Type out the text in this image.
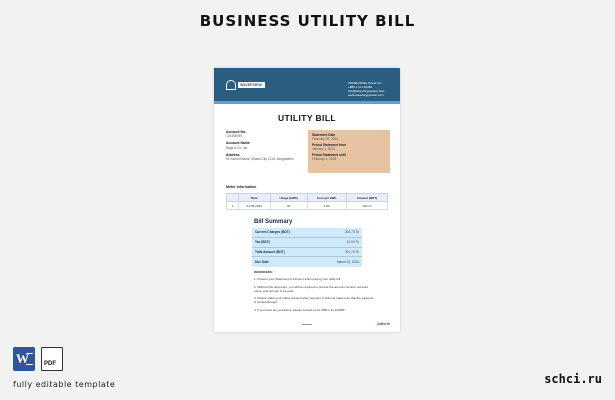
BUSINESS UTILITY BILL
WAVEFORGE	WAVEFORGE Power Inc.
+880 1 11 123456
info@waveforgepower.com
www.waveforgepower.com
UTILITY BILL
Account No.
123456789
Account Name
Bags & Co. Inc.
Address
91 Kamrul Bazar, Dhaka City 1215, Bangladesh
Statement Date
February 02, 2024
Period Statement from
January 1, 2024
Period Statement until
February 1, 2024
Meter Information
	Date	Usage (kWh)	Cost per kWh	Amount (BDT)
1	31-05-2024	32	4.89	200.73
Bill Summary
Current Charges (BDT)	200.73 Tk
Tax (BDT)	11.00 Tk
Total Amount (BDT)	211.73 Tk
Due Date	March 02, 2024
REMINDERS:
1. Present your Statement of Account when paying your utility bill.
2. Without this document, you will be required to provide the account number, account name, and amount to be paid.
3. Please share your online account after payment in order to make sure that the payment is posted through.
4. If you have any questions, please contact us at +880 1 11 123456.
Jotform
W	PDF
fully editable template	schci.ru
